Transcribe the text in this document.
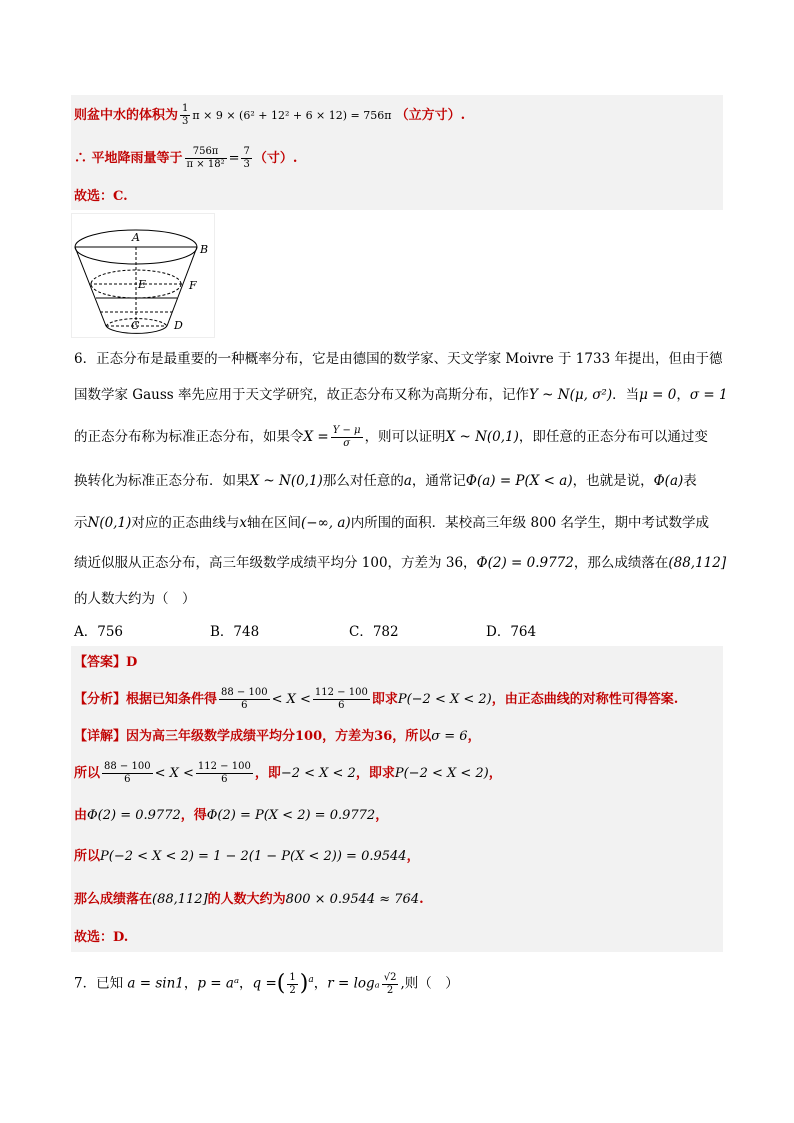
则盆中水的体积为 $\frac{1}{3}$ π × 9 × (6² + 12² + 6 × 12) = 756π （立方寸）.
∴ 平地降雨量等于 $\frac{756\pi}{\text{π × 18²}} = \frac{7}{3}$ （寸）.
故选：C.
A
B
E	F
C	D
6．正态分布是最重要的一种概率分布，它是由德国的数学家、天文学家 Moivre 于 1733 年提出，但由于德
国数学家 Gauss 率先应用于天文学研究，故正态分布又称为高斯分布，记作Y ~ N(μ, σ²)．当μ = 0，σ = 1
的正态分布称为标准正态分布，如果令$X = \frac{Y - \mu}{\sigma}$ ，则可以证明X ~ N(0,1)，即任意的正态分布可以通过变
换转化为标准正态分布．如果X ~ N(0,1)那么对任意的a，通常记Φ(a) = P(X < a)，也就是说，Φ(a)表
示N(0,1)对应的正态曲线与x轴在区间(−∞, a)内所围的面积．某校高三年级 800 名学生，期中考试数学成
绩近似服从正态分布，高三年级数学成绩平均分 100，方差为 36，Φ(2) = 0.9772，那么成绩落在(88,112]
的人数大约为（　）
A．756	B．748	C．782	D．764
【答案】D
【分析】根据已知条件得 $\frac{88 - 100}{6} < X < \frac{112 - 100}{6}$ 即求P(−2 < X < 2)，由正态曲线的对称性可得答案.
【详解】因为高三年级数学成绩平均分100，方差为36，所以σ = 6，
所以 $\frac{88 - 100}{6} < X < \frac{112 - 100}{6}$ ，即−2 < X < 2，即求P(−2 < X < 2)，
由Φ(2) = 0.9772，得Φ(2) = P(X < 2) = 0.9772，
所以P(−2 < X < 2) = 1 − 2(1 − P(X < 2)) = 0.9544，
那么成绩落在(88,112]的人数大约为800 × 0.9544 ≈ 764.
故选：D.
7．已知 a = sin1，p = aᵃ，q =( $\frac{1}{2} )^a$，r = logₐ $\frac{√2}{2}$ ,则（　）
